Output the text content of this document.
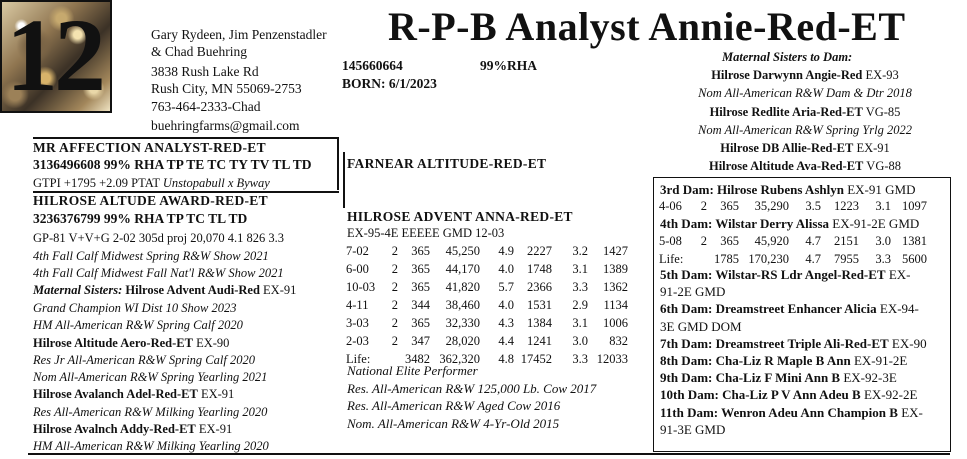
12	Gary Rydeen, Jim Penzenstadler
& Chad Buehring
3838 Rush Lake Rd
Rush City, MN 55069-2753
763-464-2333-Chad
buehringfarms@gmail.com
R-P-B Analyst Annie-Red-ET
145660664	99%RHA
BORN: 6/1/2023
Maternal Sisters to Dam:
Hilrose Darwynn Angie-Red EX-93
Nom All-American R&W Dam & Dtr 2018
Hilrose Redlite Aria-Red-ET VG-85
Nom All-American R&W Spring Yrlg 2022
Hilrose DB Allie-Red-ET EX-91
Hilrose Altitude Ava-Red-ET VG-88
MR AFFECTION ANALYST-RED-ET
3136496608 99% RHA TP TE TC TY TV TL TD
GTPI +1795 +2.09 PTAT Unstopabull x Byway
FARNEAR ALTITUDE-RED-ET
HILROSE ALTUDE AWARD-RED-ET
3236376799 99% RHA TP TC TL TD
GP-81 V+V+G 2-02 305d proj 20,070 4.1 826 3.3
4th Fall Calf Midwest Spring R&W Show 2021
4th Fall Calf Midwest Fall Nat'l R&W Show 2021
Maternal Sisters: Hilrose Advent Audi-Red EX-91
Grand Champion WI Dist 10 Show 2023
HM All-American R&W Spring Calf 2020
Hilrose Altitude Aero-Red-ET EX-90
Res Jr All-American R&W Spring Calf 2020
Nom All-American R&W Spring Yearling 2021
Hilrose Avalanch Adel-Red-ET EX-91
Res All-American R&W Milking Yearling 2020
Hilrose Avalnch Addy-Red-ET EX-91
HM All-American R&W Milking Yearling 2020
HILROSE ADVENT ANNA-RED-ET
EX-95-4E EEEEE GMD 12-03
7-02	2	365	45,250	4.9	2227	3.2	1427
6-00	2	365	44,170	4.0	1748	3.1	1389
10-03	2	365	41,820	5.7	2366	3.3	1362
4-11	2	344	38,460	4.0	1531	2.9	1134
3-03	2	365	32,330	4.3	1384	3.1	1006
2-03	2	347	28,020	4.4	1241	3.0	832
Life:	3482		362,320	4.8	17452	3.3	12033
National Elite Performer
Res. All-American R&W 125,000 Lb. Cow 2017
Res. All-American R&W Aged Cow 2016
Nom. All-American R&W 4-Yr-Old 2015
3rd Dam: Hilrose Rubens Ashlyn EX-91 GMD
4-06	2	365	35,290	3.5	1223	3.1	1097
4th Dam: Wilstar Derry Alissa EX-91-2E GMD
5-08	2	365	45,920	4.7	2151	3.0	1381
Life:	1785		170,230	4.7	7955	3.3	5600
5th Dam: Wilstar-RS Ldr Angel-Red-ET EX-
91-2E GMD
6th Dam: Dreamstreet Enhancer Alicia EX-94-
3E GMD DOM
7th Dam: Dreamstreet Triple Ali-Red-ET EX-90
8th Dam: Cha-Liz R Maple B Ann EX-91-2E
9th Dam: Cha-Liz F Mini Ann B EX-92-3E
10th Dam: Cha-Liz P V Ann Adeu B EX-92-2E
11th Dam: Wenron Adeu Ann Champion B EX-
91-3E GMD
